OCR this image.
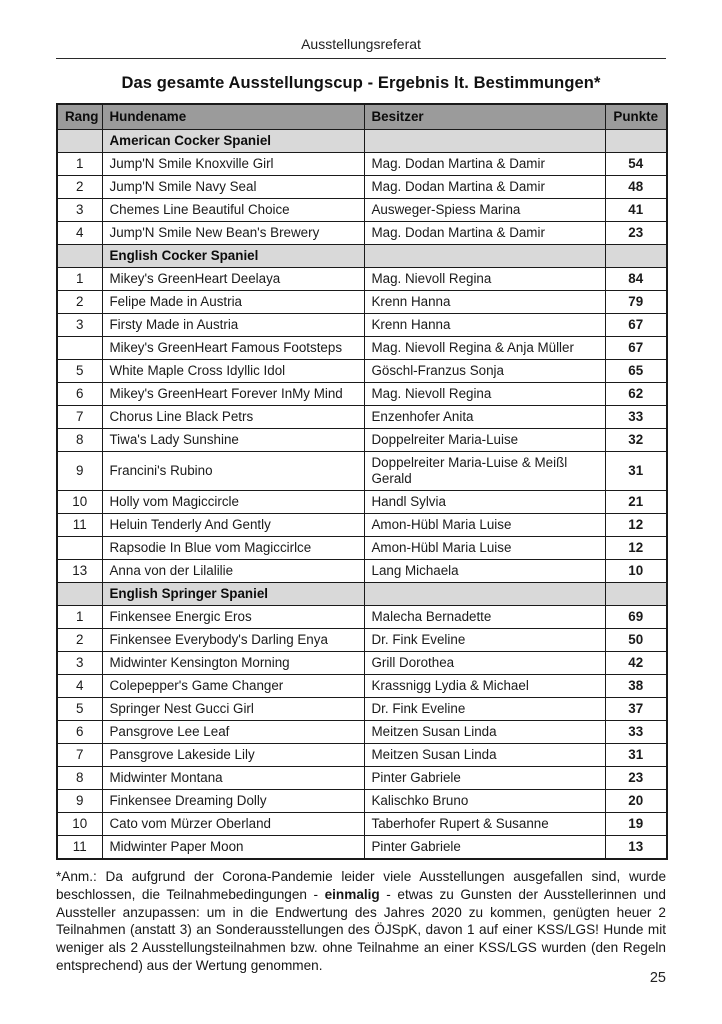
Ausstellungsreferat
Das gesamte Ausstellungscup - Ergebnis lt. Bestimmungen*
Rang	Hundename	Besitzer	Punkte
	American Cocker Spaniel		
1	Jump'N Smile Knoxville Girl	Mag. Dodan Martina & Damir	54
2	Jump'N Smile Navy Seal	Mag. Dodan Martina & Damir	48
3	Chemes Line Beautiful Choice	Ausweger-Spiess Marina	41
4	Jump'N Smile New Bean's Brewery	Mag. Dodan Martina & Damir	23
	English Cocker Spaniel		
1	Mikey's GreenHeart Deelaya	Mag. Nievoll Regina	84
2	Felipe Made in Austria	Krenn Hanna	79
3	Firsty Made in Austria	Krenn Hanna	67
	Mikey's GreenHeart Famous Footsteps	Mag. Nievoll Regina & Anja Müller	67
5	White Maple Cross Idyllic Idol	Göschl-Franzus Sonja	65
6	Mikey's GreenHeart Forever InMy Mind	Mag. Nievoll Regina	62
7	Chorus Line Black Petrs	Enzenhofer Anita	33
8	Tiwa's Lady Sunshine	Doppelreiter Maria-Luise	32
9	Francini's Rubino	Doppelreiter Maria-Luise & Meißl Gerald	31
10	Holly vom Magiccircle	Handl Sylvia	21
11	Heluin Tenderly And Gently	Amon-Hübl Maria Luise	12
	Rapsodie In Blue vom Magiccirlce	Amon-Hübl Maria Luise	12
13	Anna von der Lilalilie	Lang Michaela	10
	English Springer Spaniel		
1	Finkensee Energic Eros	Malecha Bernadette	69
2	Finkensee Everybody's Darling Enya	Dr. Fink Eveline	50
3	Midwinter Kensington Morning	Grill Dorothea	42
4	Colepepper's Game Changer	Krassnigg Lydia & Michael	38
5	Springer Nest Gucci Girl	Dr. Fink Eveline	37
6	Pansgrove Lee Leaf	Meitzen Susan Linda	33
7	Pansgrove Lakeside Lily	Meitzen Susan Linda	31
8	Midwinter Montana	Pinter Gabriele	23
9	Finkensee Dreaming Dolly	Kalischko Bruno	20
10	Cato vom Mürzer Oberland	Taberhofer Rupert & Susanne	19
11	Midwinter Paper Moon	Pinter Gabriele	13

*Anm.: Da aufgrund der Corona-Pandemie leider viele Ausstellungen ausgefallen sind, wurde beschlossen, die Teilnahmebedingungen - einmalig - etwas zu Gunsten der Ausstellerinnen und Aussteller anzupassen: um in die Endwertung des Jahres 2020 zu kommen, genügten heuer 2 Teilnahmen (anstatt 3) an Sonderausstellungen des ÖJSpK, davon 1 auf einer KSS/LGS! Hunde mit weniger als 2 Ausstellungsteilnahmen bzw. ohne Teilnahme an einer KSS/LGS wurden (den Regeln entsprechend) aus der Wertung genommen.

25
